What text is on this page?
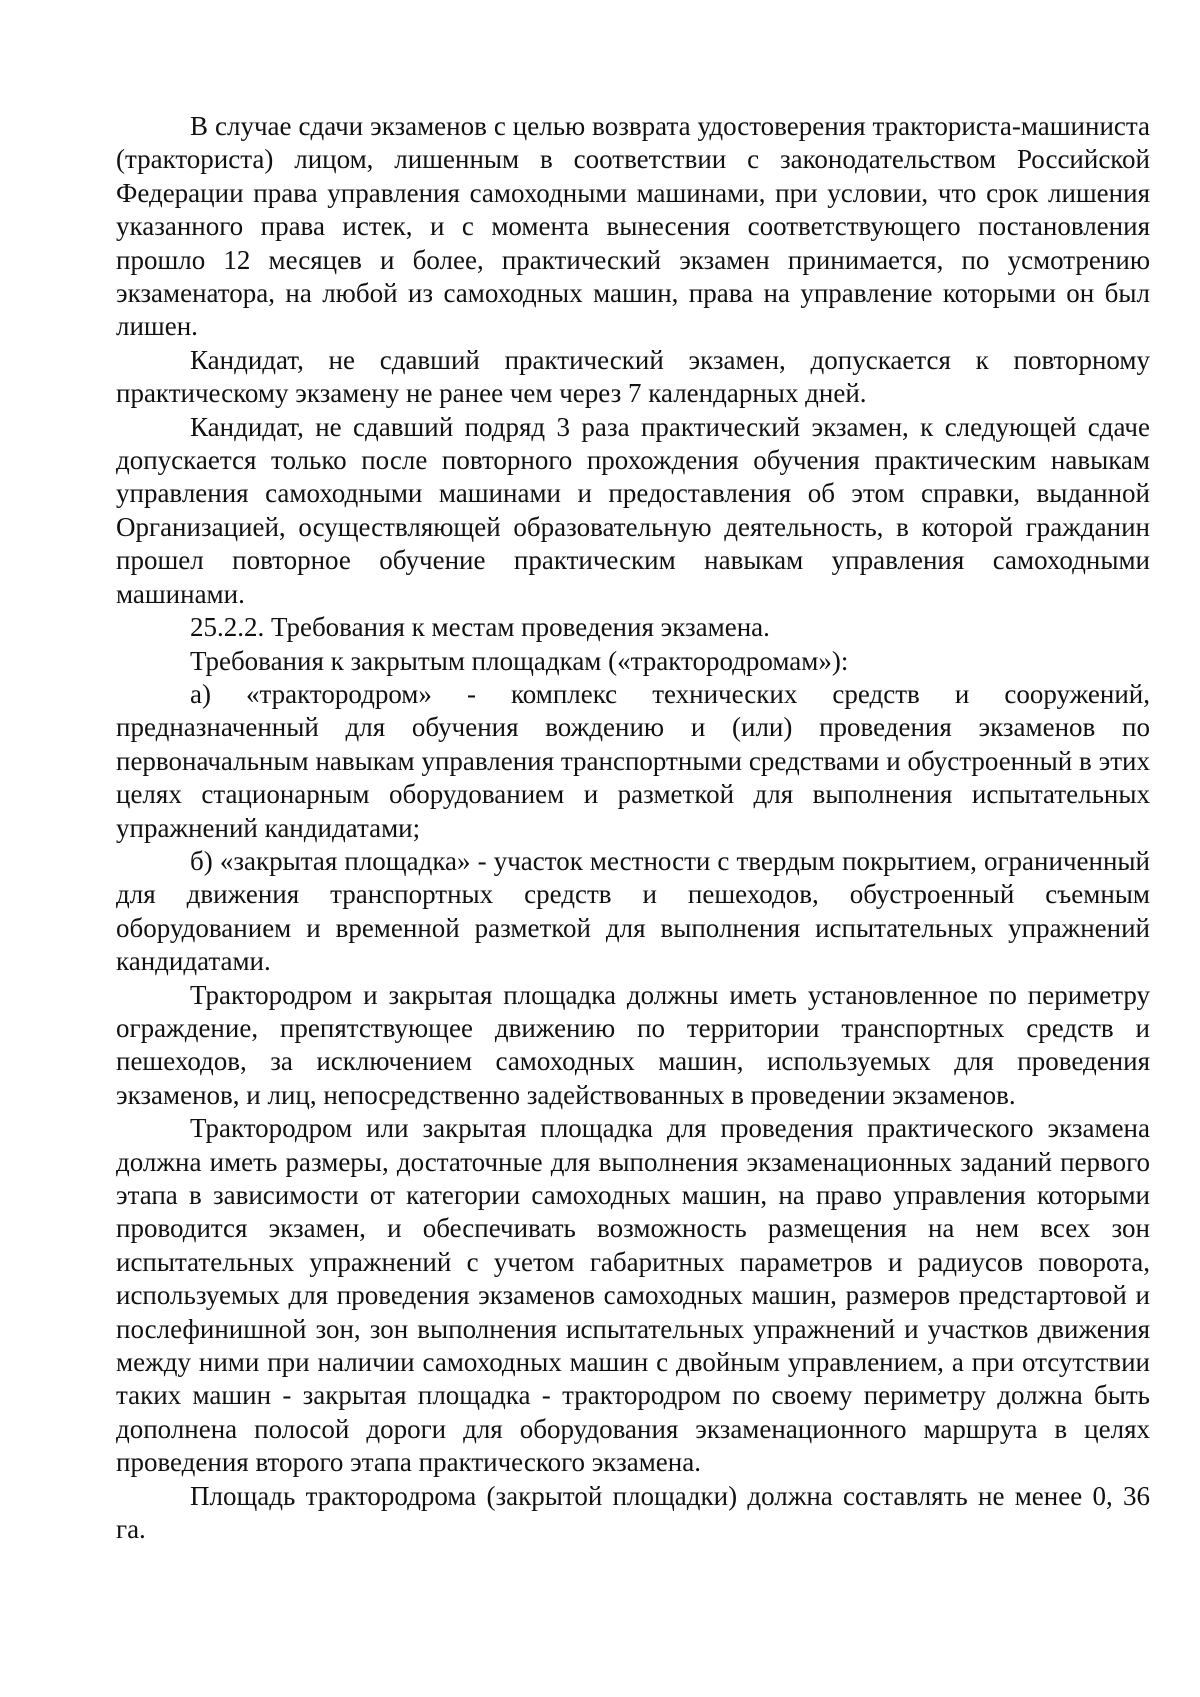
В случае сдачи экзаменов с целью возврата удостоверения тракториста-машиниста (тракториста) лицом, лишенным в соответствии с законодательством Российской Федерации права управления самоходными машинами, при условии, что срок лишения указанного права истек, и с момента вынесения соответствующего постановления прошло 12 месяцев и более, практический экзамен принимается, по усмотрению экзаменатора, на любой из самоходных машин, права на управление которыми он был лишен.

Кандидат, не сдавший практический экзамен, допускается к повторному практическому экзамену не ранее чем через 7 календарных дней.

Кандидат, не сдавший подряд 3 раза практический экзамен, к следующей сдаче допускается только после повторного прохождения обучения практическим навыкам управления самоходными машинами и предоставления об этом справки, выданной Организацией, осуществляющей образовательную деятельность, в которой гражданин прошел повторное обучение практическим навыкам управления самоходными машинами.

25.2.2. Требования к местам проведения экзамена.

Требования к закрытым площадкам («трактородромам»):

а) «трактородром» - комплекс технических средств и сооружений, предназначенный для обучения вождению и (или) проведения экзаменов по первоначальным навыкам управления транспортными средствами и обустроенный в этих целях стационарным оборудованием и разметкой для выполнения испытательных упражнений кандидатами;

б) «закрытая площадка» - участок местности с твердым покрытием, ограниченный для движения транспортных средств и пешеходов, обустроенный съемным оборудованием и временной разметкой для выполнения испытательных упражнений кандидатами.

Трактородром и закрытая площадка должны иметь установленное по периметру ограждение, препятствующее движению по территории транспортных средств и пешеходов, за исключением самоходных машин, используемых для проведения экзаменов, и лиц, непосредственно задействованных в проведении экзаменов.

Трактородром или закрытая площадка для проведения практического экзамена должна иметь размеры, достаточные для выполнения экзаменационных заданий первого этапа в зависимости от категории самоходных машин, на право управления которыми проводится экзамен, и обеспечивать возможность размещения на нем всех зон испытательных упражнений с учетом габаритных параметров и радиусов поворота, используемых для проведения экзаменов самоходных машин, размеров предстартовой и послефинишной зон, зон выполнения испытательных упражнений и участков движения между ними при наличии самоходных машин с двойным управлением, а при отсутствии таких машин - закрытая площадка - трактородром по своему периметру должна быть дополнена полосой дороги для оборудования экзаменационного маршрута в целях проведения второго этапа практического экзамена.

Площадь трактородрома (закрытой площадки) должна составлять не менее 0, 36 га.
